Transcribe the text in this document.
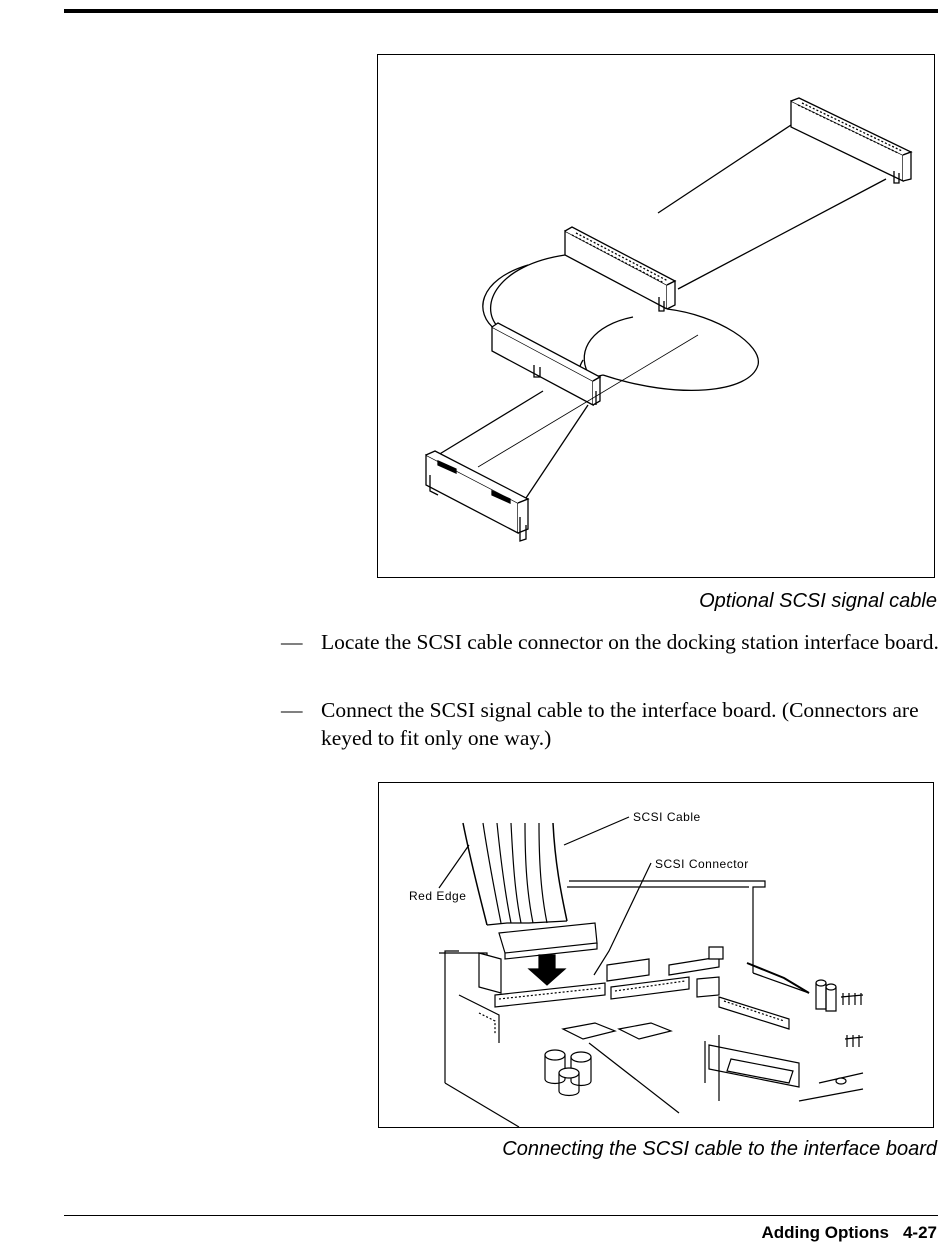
Optional SCSI signal cable
— Locate the SCSI cable connector on the docking station interface board.
— Connect the SCSI signal cable to the interface board. (Connectors are keyed to fit only one way.)
SCSI Cable
SCSI Connector
Red Edge
Connecting the SCSI cable to the interface board
Adding Options 4-27
